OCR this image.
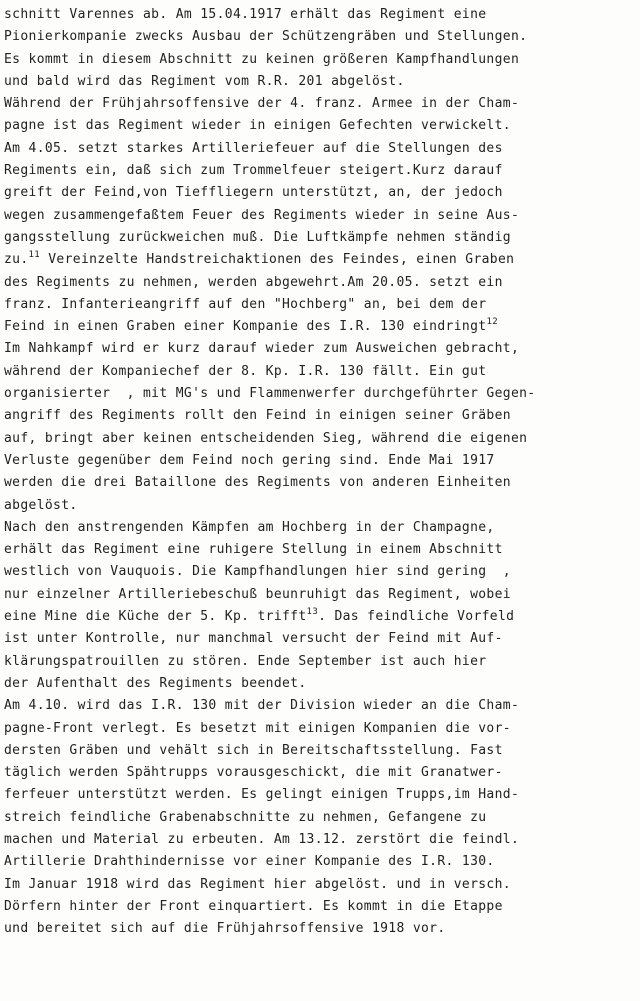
schnitt Varennes ab. Am 15.04.1917 erhält das Regiment eine
Pionierkompanie zwecks Ausbau der Schützengräben und Stellungen.
Es kommt in diesem Abschnitt zu keinen größeren Kampfhandlungen
und bald wird das Regiment vom R.R. 201 abgelöst.
Während der Frühjahrsoffensive der 4. franz. Armee in der Cham-
pagne ist das Regiment wieder in einigen Gefechten verwickelt.
Am 4.05. setzt starkes Artilleriefeuer auf die Stellungen des
Regiments ein, daß sich zum Trommelfeuer steigert.Kurz darauf
greift der Feind,von Tieffliegern unterstützt, an, der jedoch
wegen zusammengefaßtem Feuer des Regiments wieder in seine Aus-
gangsstellung zurückweichen muß. Die Luftkämpfe nehmen ständig
zu.$^{11}$ Vereinzelte Handstreichaktionen des Feindes, einen Graben
des Regiments zu nehmen, werden abgewehrt.Am 20.05. setzt ein
franz. Infanterieangriff auf den "Hochberg" an, bei dem der
Feind in einen Graben einer Kompanie des I.R. 130 eindringt$^{12}$
Im Nahkampf wird er kurz darauf wieder zum Ausweichen gebracht,
während der Kompaniechef der 8. Kp. I.R. 130 fällt. Ein gut
organisierter  , mit MG's und Flammenwerfer durchgeführter Gegen-
angriff des Regiments rollt den Feind in einigen seiner Gräben
auf, bringt aber keinen entscheidenden Sieg, während die eigenen
Verluste gegenüber dem Feind noch gering sind. Ende Mai 1917
werden die drei Bataillone des Regiments von anderen Einheiten
abgelöst.
Nach den anstrengenden Kämpfen am Hochberg in der Champagne,
erhält das Regiment eine ruhigere Stellung in einem Abschnitt
westlich von Vauquois. Die Kampfhandlungen hier sind gering  ,
nur einzelner Artilleriebeschuß beunruhigt das Regiment, wobei
eine Mine die Küche der 5. Kp. trifft$^{13}$. Das feindliche Vorfeld
ist unter Kontrolle, nur manchmal versucht der Feind mit Auf-
klärungspatrouillen zu stören. Ende September ist auch hier
der Aufenthalt des Regiments beendet.
Am 4.10. wird das I.R. 130 mit der Division wieder an die Cham-
pagne-Front verlegt. Es besetzt mit einigen Kompanien die vor-
dersten Gräben und vehält sich in Bereitschaftsstellung. Fast
täglich werden Spähtrupps vorausgeschickt, die mit Granatwer-
ferfeuer unterstützt werden. Es gelingt einigen Trupps,im Hand-
streich feindliche Grabenabschnitte zu nehmen, Gefangene zu
machen und Material zu erbeuten. Am 13.12. zerstört die feindl.
Artillerie Drahthindernisse vor einer Kompanie des I.R. 130.
Im Januar 1918 wird das Regiment hier abgelöst. und in versch.
Dörfern hinter der Front einquartiert. Es kommt in die Etappe
und bereitet sich auf die Frühjahrsoffensive 1918 vor.
